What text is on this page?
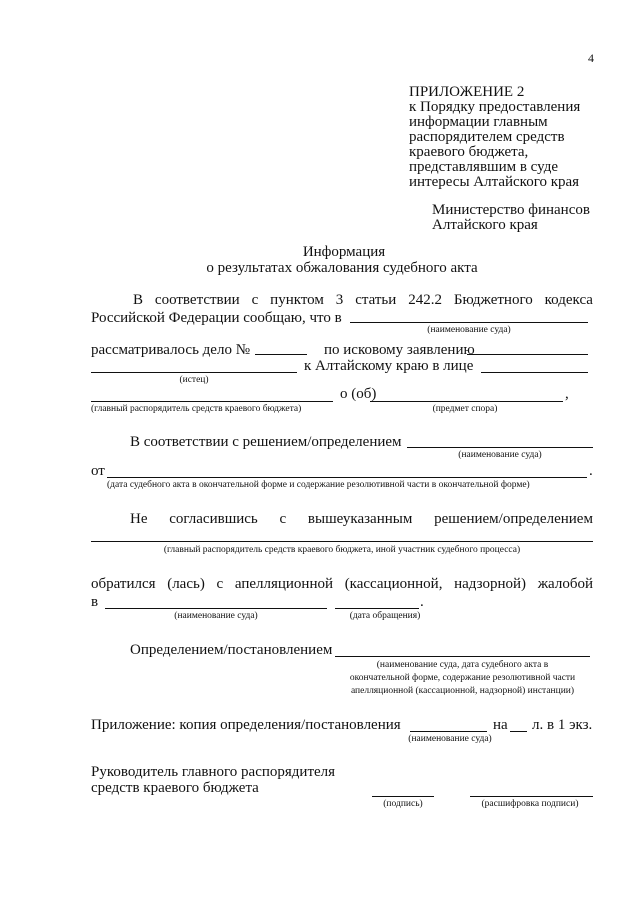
4
ПРИЛОЖЕНИЕ 2
к Порядку предоставления
информации главным
распорядителем средств
краевого бюджета,
представлявшим в суде
интересы Алтайского края
Министерство финансов
Алтайского края
Информация
о результатах обжалования судебного акта
В соответствии с пунктом 3 статьи 242.2 Бюджетного кодекса
Российской Федерации сообщаю, что в
(наименование суда)
рассматривалось дело №	по исковому заявлению
к Алтайскому краю в лице
(истец)
о (об)	,
(главный распорядитель средств краевого бюджета)	(предмет спора)
В соответствии с решением/определением
(наименование суда)
от	.
(дата судебного акта в окончательной форме и содержание резолютивной части в окончательной форме)
Не согласившись с вышеуказанным решением/определением
(главный распорядитель средств краевого бюджета, иной участник судебного процесса)
обратился (лась) с апелляционной (кассационной, надзорной) жалобой
в	.
(наименование суда)	(дата обращения)
Определением/постановлением
(наименование суда, дата судебного акта в
окончательной форме, содержание резолютивной части
апелляционной (кассационной, надзорной) инстанции)
Приложение: копия определения/постановления	на л. в 1 экз.
(наименование суда)
Руководитель главного распорядителя
средств краевого бюджета
(подпись)	(расшифровка подписи)
